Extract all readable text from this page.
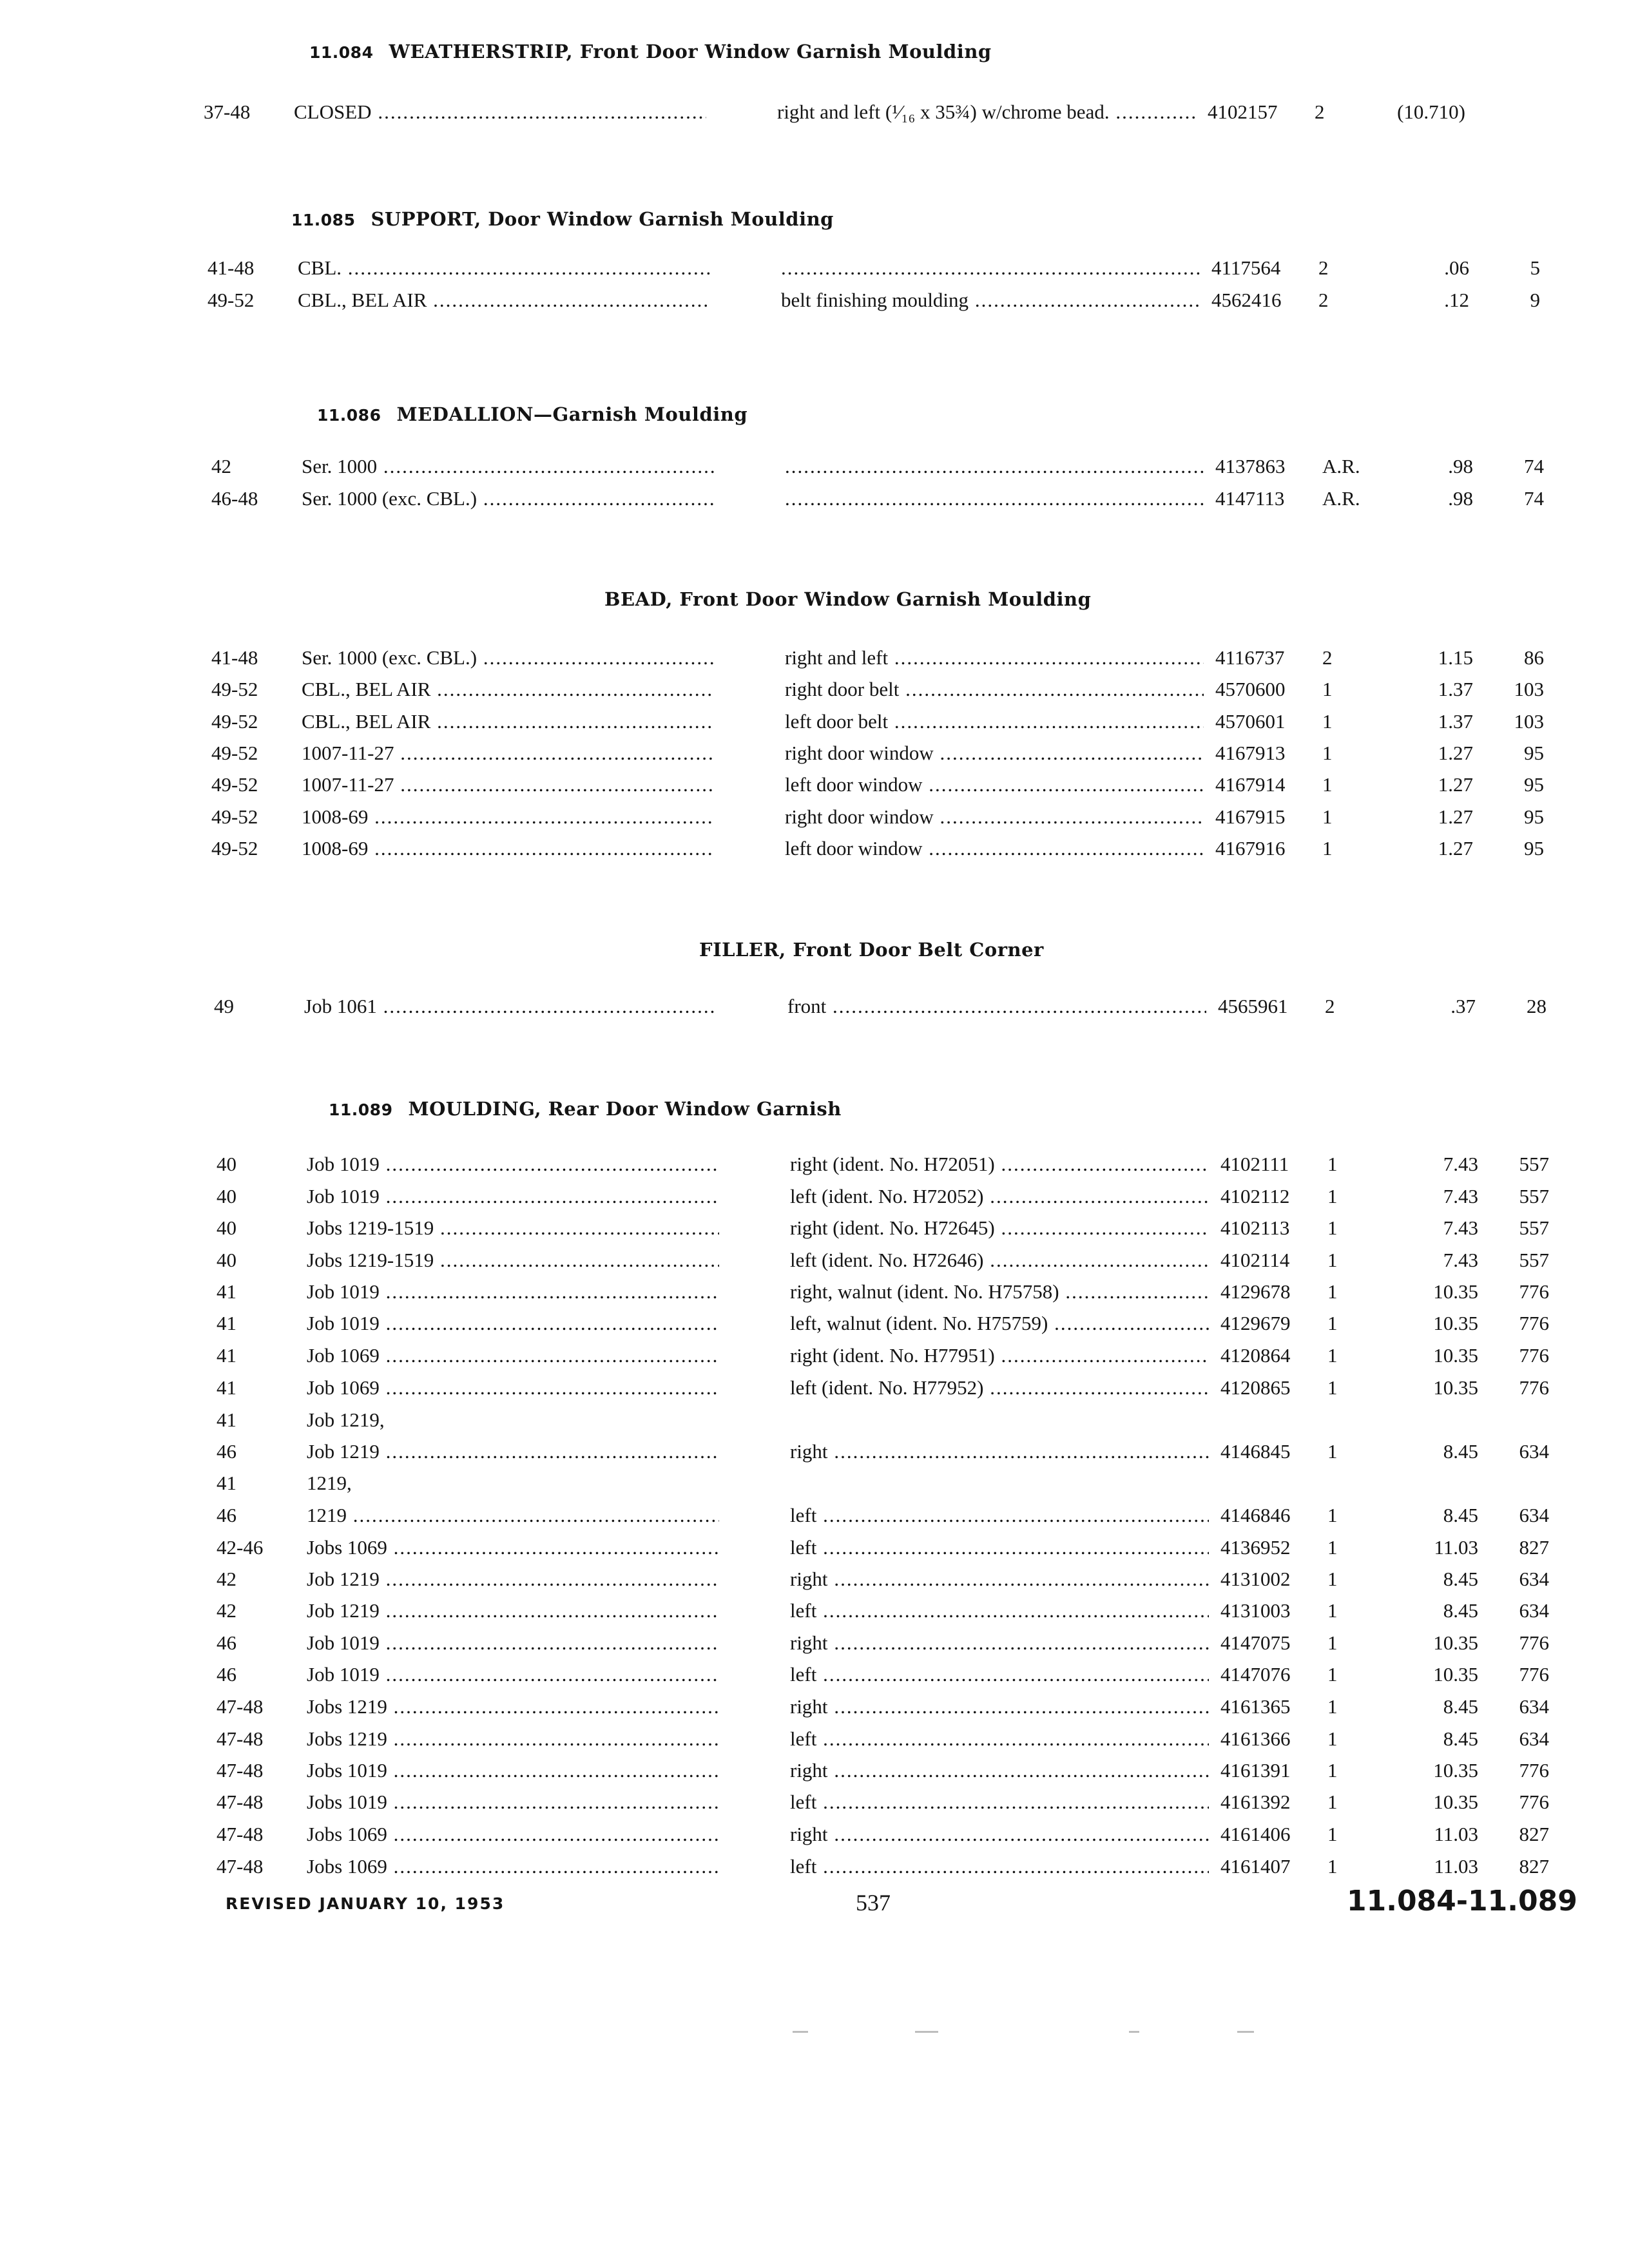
11.084 WEATHERSTRIP, Front Door Window Garnish Moulding
37-48	CLOSED .....	right and left (¹⁄₁₆ x 35¾) w/chrome bead. .....	4102157	2	(10.710)
11.085 SUPPORT, Door Window Garnish Moulding
41-48	CBL. ..... .....	4117564	2	.06	5
49-52	CBL., BEL AIR .....	belt finishing moulding .....	4562416	2	.12	9
11.086 MEDALLION—Garnish Moulding
42	Ser. 1000 ..... .....	4137863	A.R.	.98	74
46-48	Ser. 1000 (exc. CBL.) ..... .....	4147113	A.R.	.98	74
BEAD, Front Door Window Garnish Moulding
41-48	Ser. 1000 (exc. CBL.) .....	right and left .....	4116737	2	1.15	86
49-52	CBL., BEL AIR .....	right door belt .....	4570600	1	1.37	103
49-52	CBL., BEL AIR .....	left door belt .....	4570601	1	1.37	103
49-52	1007-11-27 .....	right door window .....	4167913	1	1.27	95
49-52	1007-11-27 .....	left door window .....	4167914	1	1.27	95
49-52	1008-69 .....	right door window .....	4167915	1	1.27	95
49-52	1008-69 .....	left door window .....	4167916	1	1.27	95
FILLER, Front Door Belt Corner
49	Job 1061 .....	front .....	4565961	2	.37	28
11.089 MOULDING, Rear Door Window Garnish
40	Job 1019 .....	right (ident. No. H72051) .....	4102111	1	7.43	557
40	Job 1019 .....	left (ident. No. H72052) .....	4102112	1	7.43	557
40	Jobs 1219-1519 .....	right (ident. No. H72645) .....	4102113	1	7.43	557
40	Jobs 1219-1519 .....	left (ident. No. H72646) .....	4102114	1	7.43	557
41	Job 1019 .....	right, walnut (ident. No. H75758) .....	4129678	1	10.35	776
41	Job 1019 .....	left, walnut (ident. No. H75759) .....	4129679	1	10.35	776
41	Job 1069 .....	right (ident. No. H77951) .....	4120864	1	10.35	776
41	Job 1069 .....	left (ident. No. H77952) .....	4120865	1	10.35	776
41	Job 1219,
46	Job 1219 .....	right .....	4146845	1	8.45	634
41	1219,
46	1219 .....	left .....	4146846	1	8.45	634
42-46	Jobs 1069 .....	left .....	4136952	1	11.03	827
42	Job 1219 .....	right .....	4131002	1	8.45	634
42	Job 1219 .....	left .....	4131003	1	8.45	634
46	Job 1019 .....	right .....	4147075	1	10.35	776
46	Job 1019 .....	left .....	4147076	1	10.35	776
47-48	Jobs 1219 .....	right .....	4161365	1	8.45	634
47-48	Jobs 1219 .....	left .....	4161366	1	8.45	634
47-48	Jobs 1019 .....	right .....	4161391	1	10.35	776
47-48	Jobs 1019 .....	left .....	4161392	1	10.35	776
47-48	Jobs 1069 .....	right .....	4161406	1	11.03	827
47-48	Jobs 1069 .....	left .....	4161407	1	11.03	827
REVISED JANUARY 10, 1953	537	11.084-11.089
